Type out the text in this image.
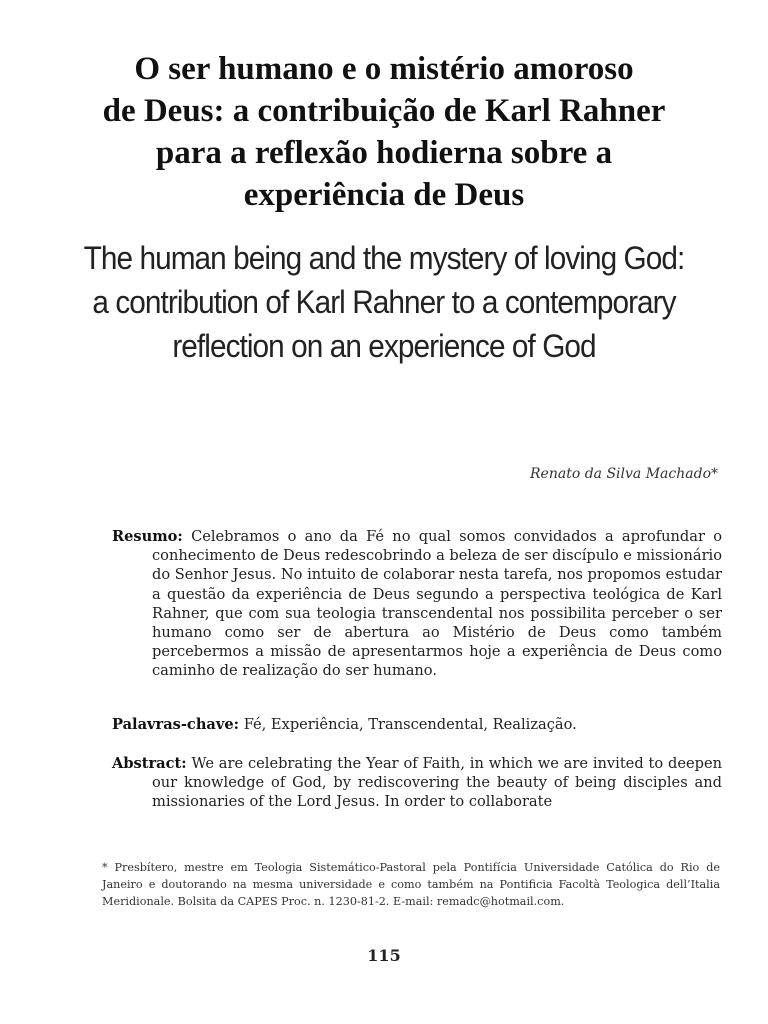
O ser humano e o mistério amoroso
de Deus: a contribuição de Karl Rahner
para a reflexão hodierna sobre a
experiência de Deus
The human being and the mystery of loving God:
a contribution of Karl Rahner to a contemporary
reflection on an experience of God
Renato da Silva Machado*
Resumo: Celebramos o ano da Fé no qual somos convidados a aprofundar o conhecimento de Deus redescobrindo a beleza de ser discípulo e missionário do Senhor Jesus. No intuito de colaborar nesta tarefa, nos propomos estudar a questão da experiência de Deus segundo a perspectiva teológica de Karl Rahner, que com sua teologia transcendental nos possibilita perceber o ser humano como ser de abertura ao Mistério de Deus como também percebermos a missão de apresentarmos hoje a experiência de Deus como caminho de realização do ser humano.
Palavras-chave: Fé, Experiência, Transcendental, Realização.
Abstract: We are celebrating the Year of Faith, in which we are invited to deepen our knowledge of God, by rediscovering the beauty of being disciples and missionaries of the Lord Jesus. In order to collaborate
* Presbítero, mestre em Teologia Sistemático-Pastoral pela Pontifícia Universidade Católica do Rio de Janeiro e doutorando na mesma universidade e como também na Pontificia Facoltà Teologica dell’Italia Meridionale. Bolsita da CAPES Proc. n. 1230-81-2. E-mail: remadc@hotmail.com.
115
